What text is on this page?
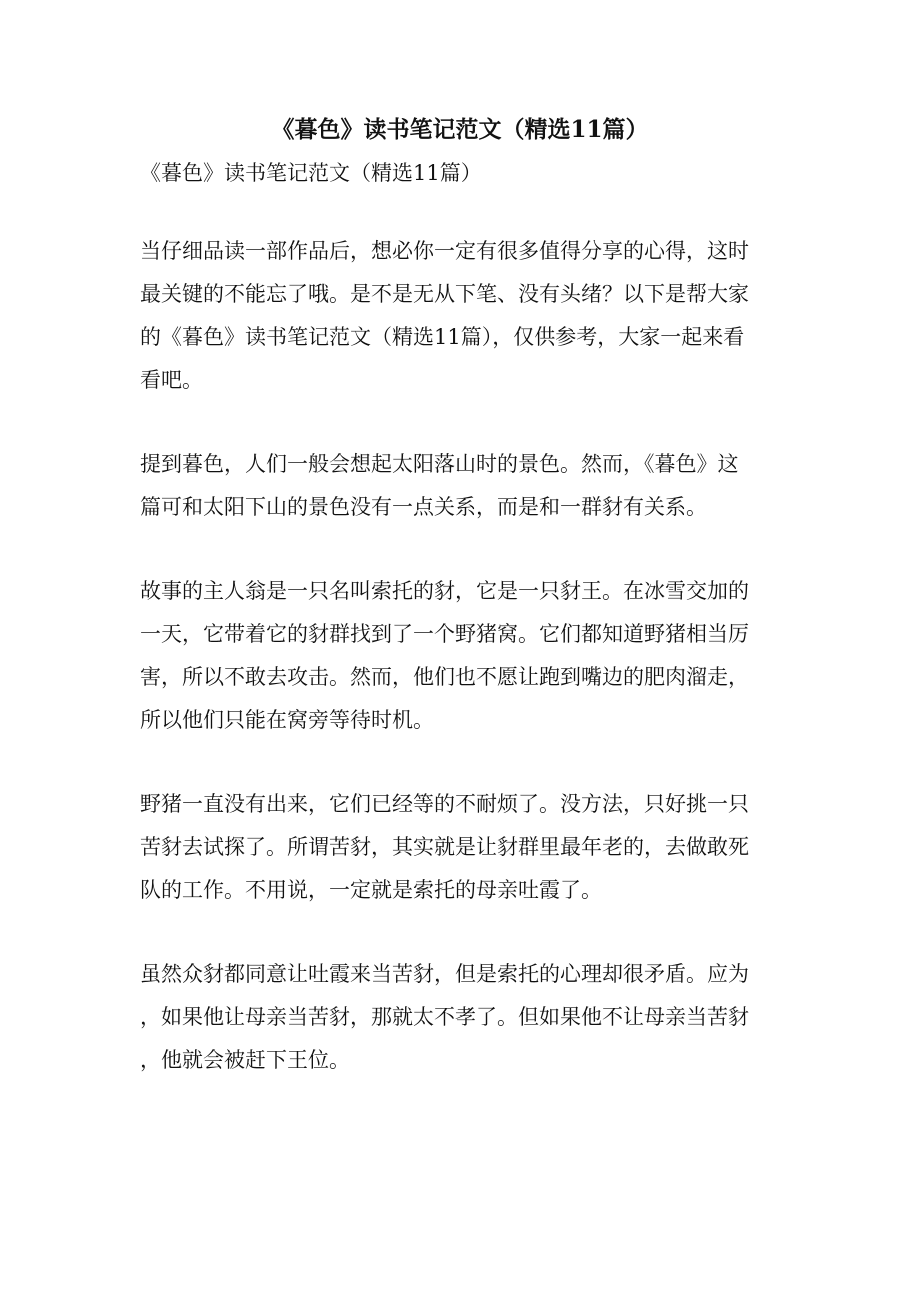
《暮色》读书笔记范文（精选11篇）
《暮色》读书笔记范文（精选11篇）

当仔细品读一部作品后，想必你一定有很多值得分享的心得，这时
最关键的不能忘了哦。是不是无从下笔、没有头绪？以下是帮大家
的《暮色》读书笔记范文（精选11篇），仅供参考，大家一起来看
看吧。

提到暮色，人们一般会想起太阳落山时的景色。然而，《暮色》这
篇可和太阳下山的景色没有一点关系，而是和一群豺有关系。

故事的主人翁是一只名叫索托的豺，它是一只豺王。在冰雪交加的
一天，它带着它的豺群找到了一个野猪窝。它们都知道野猪相当厉
害，所以不敢去攻击。然而，他们也不愿让跑到嘴边的肥肉溜走，
所以他们只能在窝旁等待时机。

野猪一直没有出来，它们已经等的不耐烦了。没方法，只好挑一只
苦豺去试探了。所谓苦豺，其实就是让豺群里最年老的，去做敢死
队的工作。不用说，一定就是索托的母亲吐霞了。

虽然众豺都同意让吐霞来当苦豺，但是索托的心理却很矛盾。应为
，如果他让母亲当苦豺，那就太不孝了。但如果他不让母亲当苦豺
，他就会被赶下王位。
